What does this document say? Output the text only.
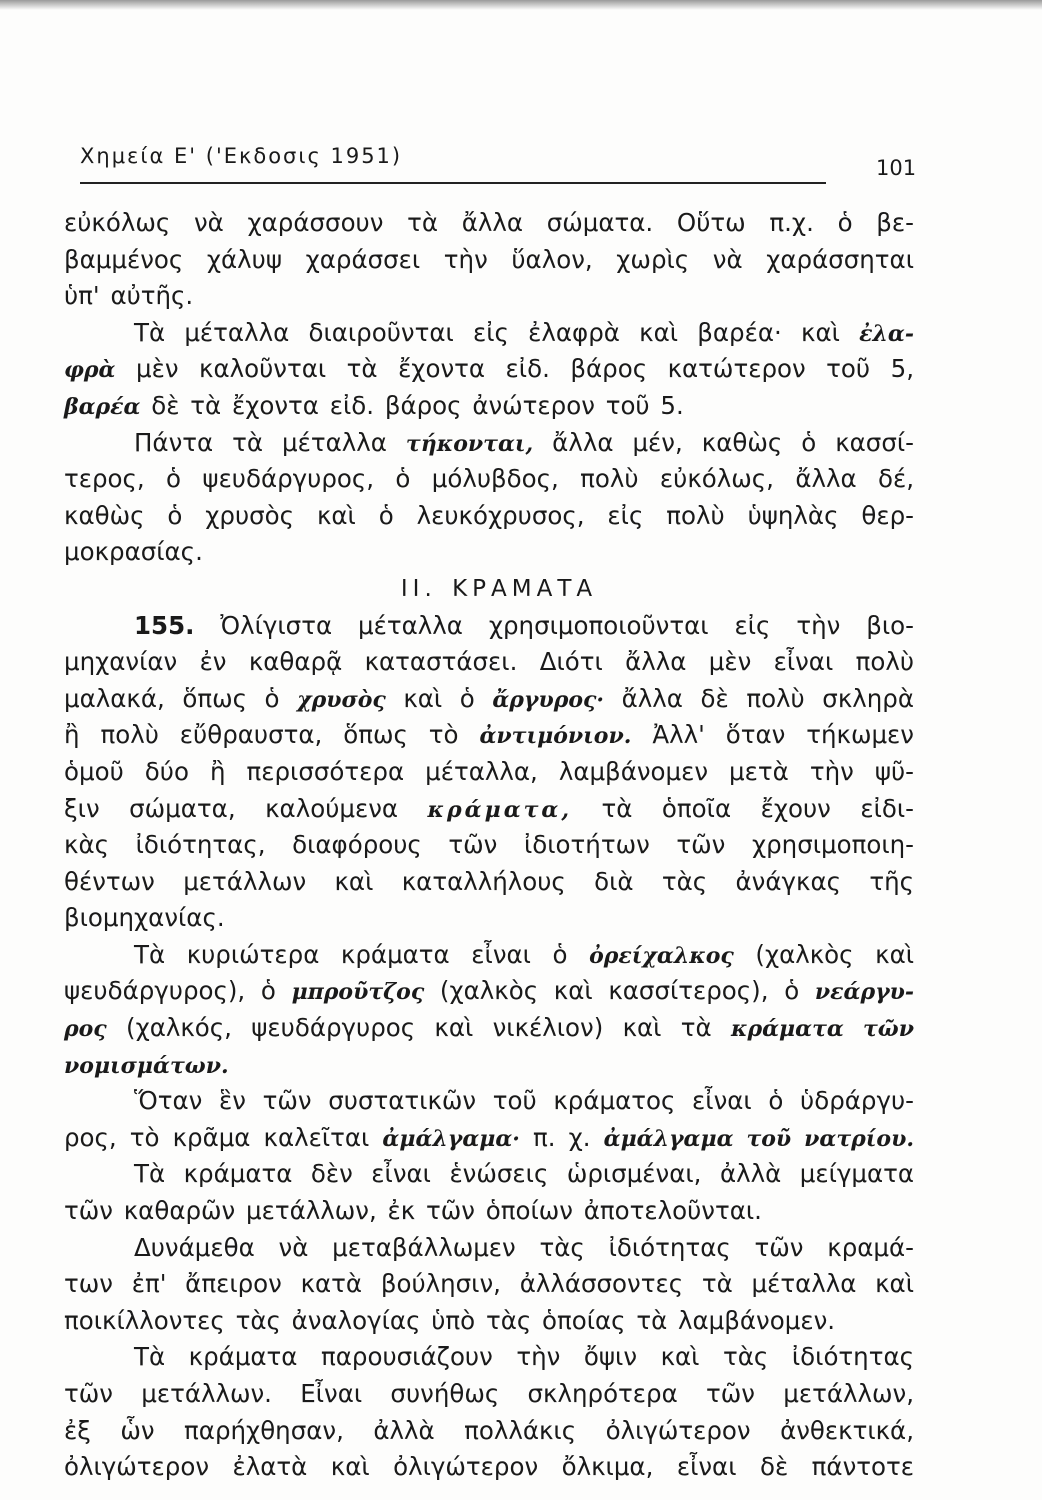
Χημεία Ε' ('Εκδοσις 1951)	101
εὐκόλως νὰ χαράσσουν τὰ ἄλλα σώματα. Οὕτω π.χ. ὁ βε-
βαμμένος χάλυψ χαράσσει τὴν ὕαλον, χωρὶς νὰ χαράσσηται
ὑπ' αὐτῆς.
Τὰ μέταλλα διαιροῦνται εἰς ἐλαφρὰ καὶ βαρέα· καὶ ἐλα-
φρὰ μὲν καλοῦνται τὰ ἔχοντα εἰδ. βάρος κατώτερον τοῦ 5,
βαρέα δὲ τὰ ἔχοντα εἰδ. βάρος ἀνώτερον τοῦ 5.
Πάντα τὰ μέταλλα τήκονται, ἄλλα μέν, καθὼς ὁ κασσί-
τερος, ὁ ψευδάργυρος, ὁ μόλυβδος, πολὺ εὐκόλως, ἄλλα δέ,
καθὼς ὁ χρυσὸς καὶ ὁ λευκόχρυσος, εἰς πολὺ ὑψηλὰς θερ-
μοκρασίας.
ΙΙ. ΚΡΑΜΑΤΑ
155. Ὀλίγιστα μέταλλα χρησιμοποιοῦνται εἰς τὴν βιο-
μηχανίαν ἐν καθαρᾷ καταστάσει. Διότι ἄλλα μὲν εἶναι πολὺ
μαλακά, ὅπως ὁ χρυσὸς καὶ ὁ ἄργυρος· ἄλλα δὲ πολὺ σκληρὰ
ἢ πολὺ εὔθραυστα, ὅπως τὸ ἀντιμόνιον. Ἀλλ' ὅταν τήκωμεν
ὁμοῦ δύο ἢ περισσότερα μέταλλα, λαμβάνομεν μετὰ τὴν ψῦ-
ξιν σώματα, καλούμενα κράματα, τὰ ὁποῖα ἔχουν εἰδι-
κὰς ἰδιότητας, διαφόρους τῶν ἰδιοτήτων τῶν χρησιμοποιη-
θέντων μετάλλων καὶ καταλλήλους διὰ τὰς ἀνάγκας τῆς
βιομηχανίας.
Τὰ κυριώτερα κράματα εἶναι ὁ ὀρείχαλκος (χαλκὸς καὶ
ψευδάργυρος), ὁ μπροῦτζος (χαλκὸς καὶ κασσίτερος), ὁ νεάργυ-
ρος (χαλκός, ψευδάργυρος καὶ νικέλιον) καὶ τὰ κράματα τῶν
νομισμάτων.
Ὅταν ἓν τῶν συστατικῶν τοῦ κράματος εἶναι ὁ ὑδράργυ-
ρος, τὸ κρᾶμα καλεῖται ἀμάλγαμα· π. χ. ἀμάλγαμα τοῦ νατρίου.
Τὰ κράματα δὲν εἶναι ἑνώσεις ὡρισμέναι, ἀλλὰ μείγματα
τῶν καθαρῶν μετάλλων, ἐκ τῶν ὁποίων ἀποτελοῦνται.
Δυνάμεθα νὰ μεταβάλλωμεν τὰς ἰδιότητας τῶν κραμά-
των ἐπ' ἄπειρον κατὰ βούλησιν, ἀλλάσσοντες τὰ μέταλλα καὶ
ποικίλλοντες τὰς ἀναλογίας ὑπὸ τὰς ὁποίας τὰ λαμβάνομεν.
Τὰ κράματα παρουσιάζουν τὴν ὄψιν καὶ τὰς ἰδιότητας
τῶν μετάλλων. Εἶναι συνήθως σκληρότερα τῶν μετάλλων,
ἐξ ὧν παρήχθησαν, ἀλλὰ πολλάκις ὀλιγώτερον ἀνθεκτικά,
ὀλιγώτερον ἐλατὰ καὶ ὀλιγώτερον ὄλκιμα, εἶναι δὲ πάντοτε
